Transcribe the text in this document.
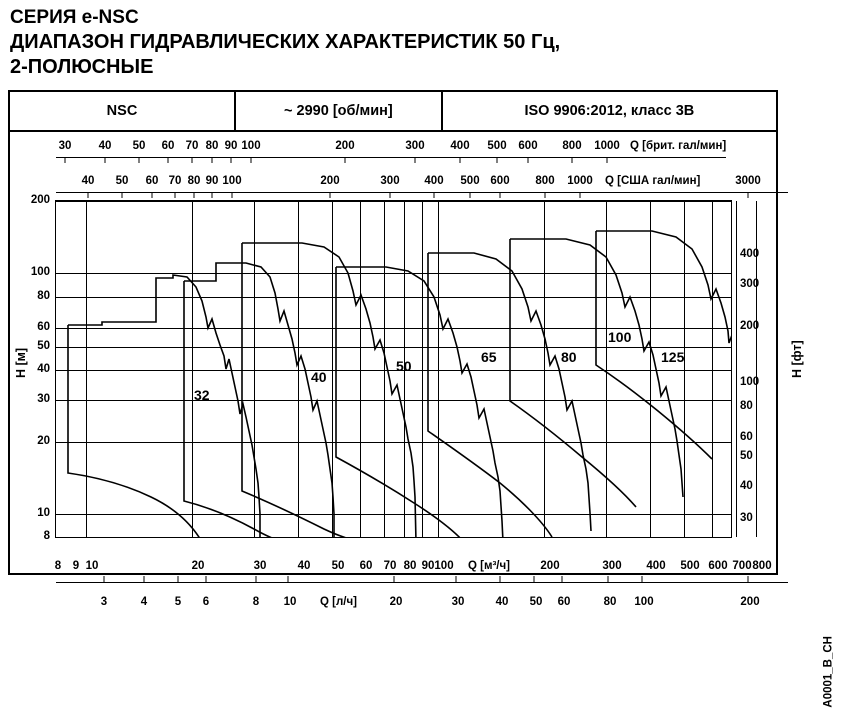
СЕРИЯ e-NSC
ДИАПАЗОН ГИДРАВЛИЧЕСКИХ ХАРАКТЕРИСТИК 50 Гц,
2-ПОЛЮСНЫЕ
NSC	~ 2990 [об/мин]	ISO 9906:2012, класс 3B
30 40 50 60 70 80 90 100	200	300 400 500 600 800 1000 Q [брит. гал/мин]
40 50 60 70 80 90 100	200	300 400 500 600 800 1000	3000
Q [США гал/мин]
32
40
50
65	80
100
125
200
100
80
60
50
40
30
20
10
8
H [м]
400
300
200
100
80
60
50
40
30
H [фт]
8 9 10	20	30	40 50 60 70 80 90 100	200	300 400 500 600 700 800
Q [м³/ч]
3	4 5 6	8 10	20	30	40 50 60	80 100	200
Q [л/ч]
A0001_B_CH
